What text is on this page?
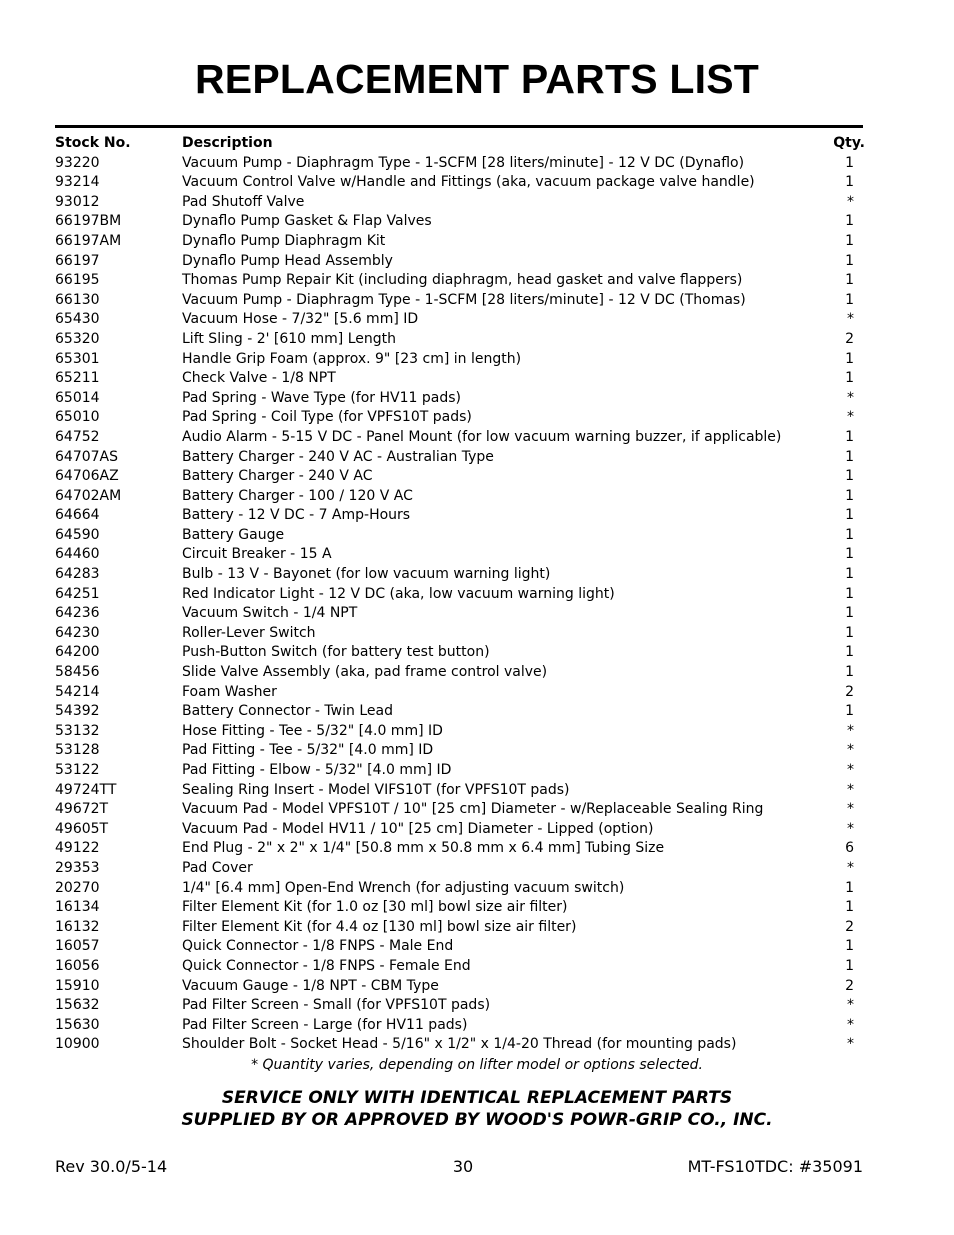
REPLACEMENT PARTS LIST
Stock No.	Description	Qty.
93220	Vacuum Pump - Diaphragm Type - 1-SCFM [28 liters/minute] - 12 V DC (Dynaflo)	1
93214	Vacuum Control Valve w/Handle and Fittings (aka, vacuum package valve handle)	1
93012	Pad Shutoff Valve	*
66197BM	Dynaflo Pump Gasket & Flap Valves	1
66197AM	Dynaflo Pump Diaphragm Kit	1
66197	Dynaflo Pump Head Assembly	1
66195	Thomas Pump Repair Kit (including diaphragm, head gasket and valve flappers)	1
66130	Vacuum Pump - Diaphragm Type - 1-SCFM [28 liters/minute] - 12 V DC (Thomas)	1
65430	Vacuum Hose - 7/32" [5.6 mm] ID	*
65320	Lift Sling - 2' [610 mm] Length	2
65301	Handle Grip Foam (approx. 9" [23 cm] in length)	1
65211	Check Valve - 1/8 NPT	1
65014	Pad Spring - Wave Type (for HV11 pads)	*
65010	Pad Spring - Coil Type (for VPFS10T pads)	*
64752	Audio Alarm - 5-15 V DC - Panel Mount (for low vacuum warning buzzer, if applicable)	1
64707AS	Battery Charger - 240 V AC - Australian Type	1
64706AZ	Battery Charger - 240 V AC	1
64702AM	Battery Charger - 100 / 120 V AC	1
64664	Battery - 12 V DC - 7 Amp-Hours	1
64590	Battery Gauge	1
64460	Circuit Breaker - 15 A	1
64283	Bulb - 13 V - Bayonet (for low vacuum warning light)	1
64251	Red Indicator Light - 12 V DC (aka, low vacuum warning light)	1
64236	Vacuum Switch - 1/4 NPT	1
64230	Roller-Lever Switch	1
64200	Push-Button Switch (for battery test button)	1
58456	Slide Valve Assembly (aka, pad frame control valve)	1
54214	Foam Washer	2
54392	Battery Connector - Twin Lead	1
53132	Hose Fitting - Tee - 5/32" [4.0 mm] ID	*
53128	Pad Fitting - Tee - 5/32" [4.0 mm] ID	*
53122	Pad Fitting - Elbow - 5/32" [4.0 mm] ID	*
49724TT	Sealing Ring Insert - Model VIFS10T (for VPFS10T pads)	*
49672T	Vacuum Pad - Model VPFS10T / 10" [25 cm] Diameter - w/Replaceable Sealing Ring	*
49605T	Vacuum Pad - Model HV11 / 10" [25 cm] Diameter - Lipped (option)	*
49122	End Plug - 2" x 2" x 1/4" [50.8 mm x 50.8 mm x 6.4 mm] Tubing Size	6
29353	Pad Cover	*
20270	1/4" [6.4 mm] Open-End Wrench (for adjusting vacuum switch)	1
16134	Filter Element Kit (for 1.0 oz [30 ml] bowl size air filter)	1
16132	Filter Element Kit (for 4.4 oz [130 ml] bowl size air filter)	2
16057	Quick Connector - 1/8 FNPS - Male End	1
16056	Quick Connector - 1/8 FNPS - Female End	1
15910	Vacuum Gauge - 1/8 NPT - CBM Type	2
15632	Pad Filter Screen - Small (for VPFS10T pads)	*
15630	Pad Filter Screen - Large (for HV11 pads)	*
10900	Shoulder Bolt - Socket Head - 5/16" x 1/2" x 1/4-20 Thread (for mounting pads)	*
* Quantity varies, depending on lifter model or options selected.
SERVICE ONLY WITH IDENTICAL REPLACEMENT PARTS
SUPPLIED BY OR APPROVED BY WOOD'S POWR-GRIP CO., INC.
Rev 30.0/5-14	30	MT-FS10TDC: #35091
